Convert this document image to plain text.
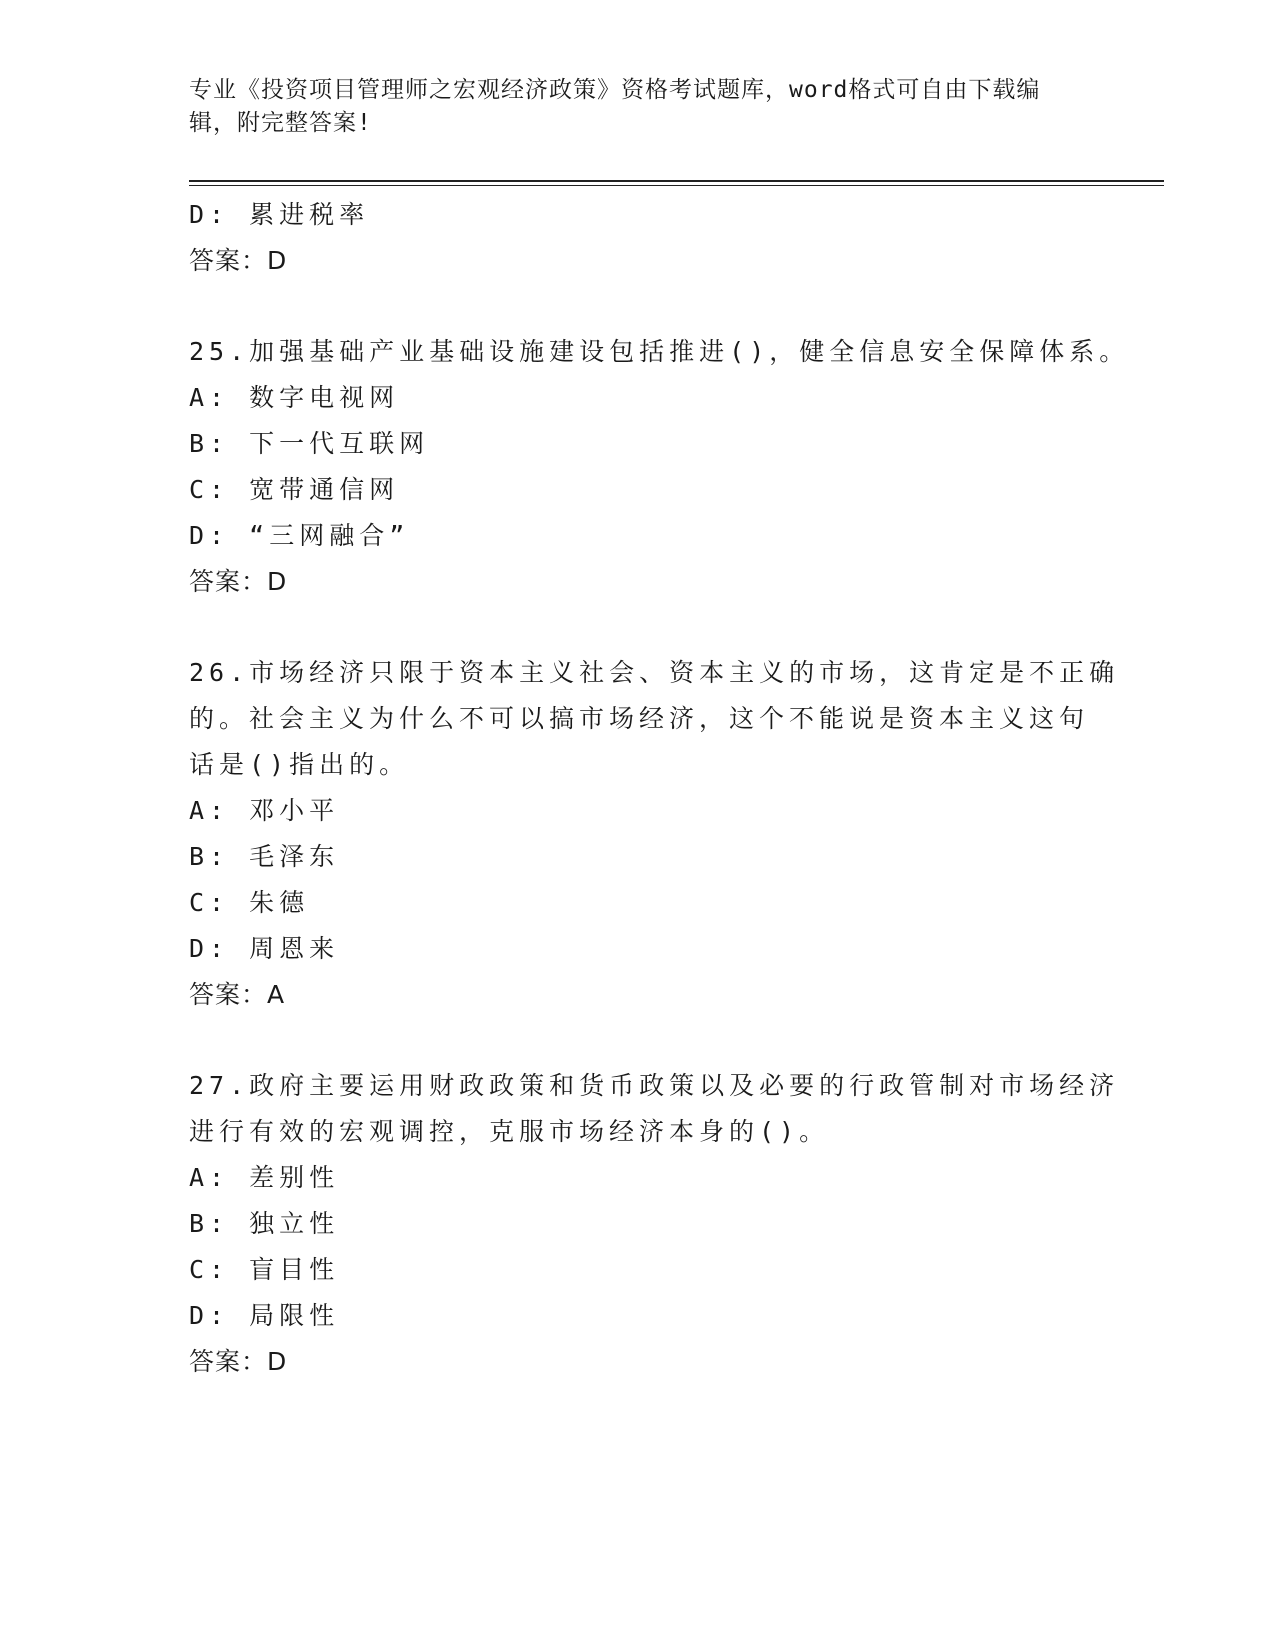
专业《投资项目管理师之宏观经济政策》资格考试题库，word格式可自由下载编
辑，附完整答案!
D: 累进税率
答案：D
25.加强基础产业基础设施建设包括推进()，健全信息安全保障体系。
A: 数字电视网
B: 下一代互联网
C: 宽带通信网
D: “三网融合”
答案：D
26.市场经济只限于资本主义社会、资本主义的市场，这肯定是不正确
的。社会主义为什么不可以搞市场经济，这个不能说是资本主义这句
话是()指出的。
A: 邓小平
B: 毛泽东
C: 朱德
D: 周恩来
答案：A
27.政府主要运用财政政策和货币政策以及必要的行政管制对市场经济
进行有效的宏观调控，克服市场经济本身的()。
A: 差别性
B: 独立性
C: 盲目性
D: 局限性
答案：D
